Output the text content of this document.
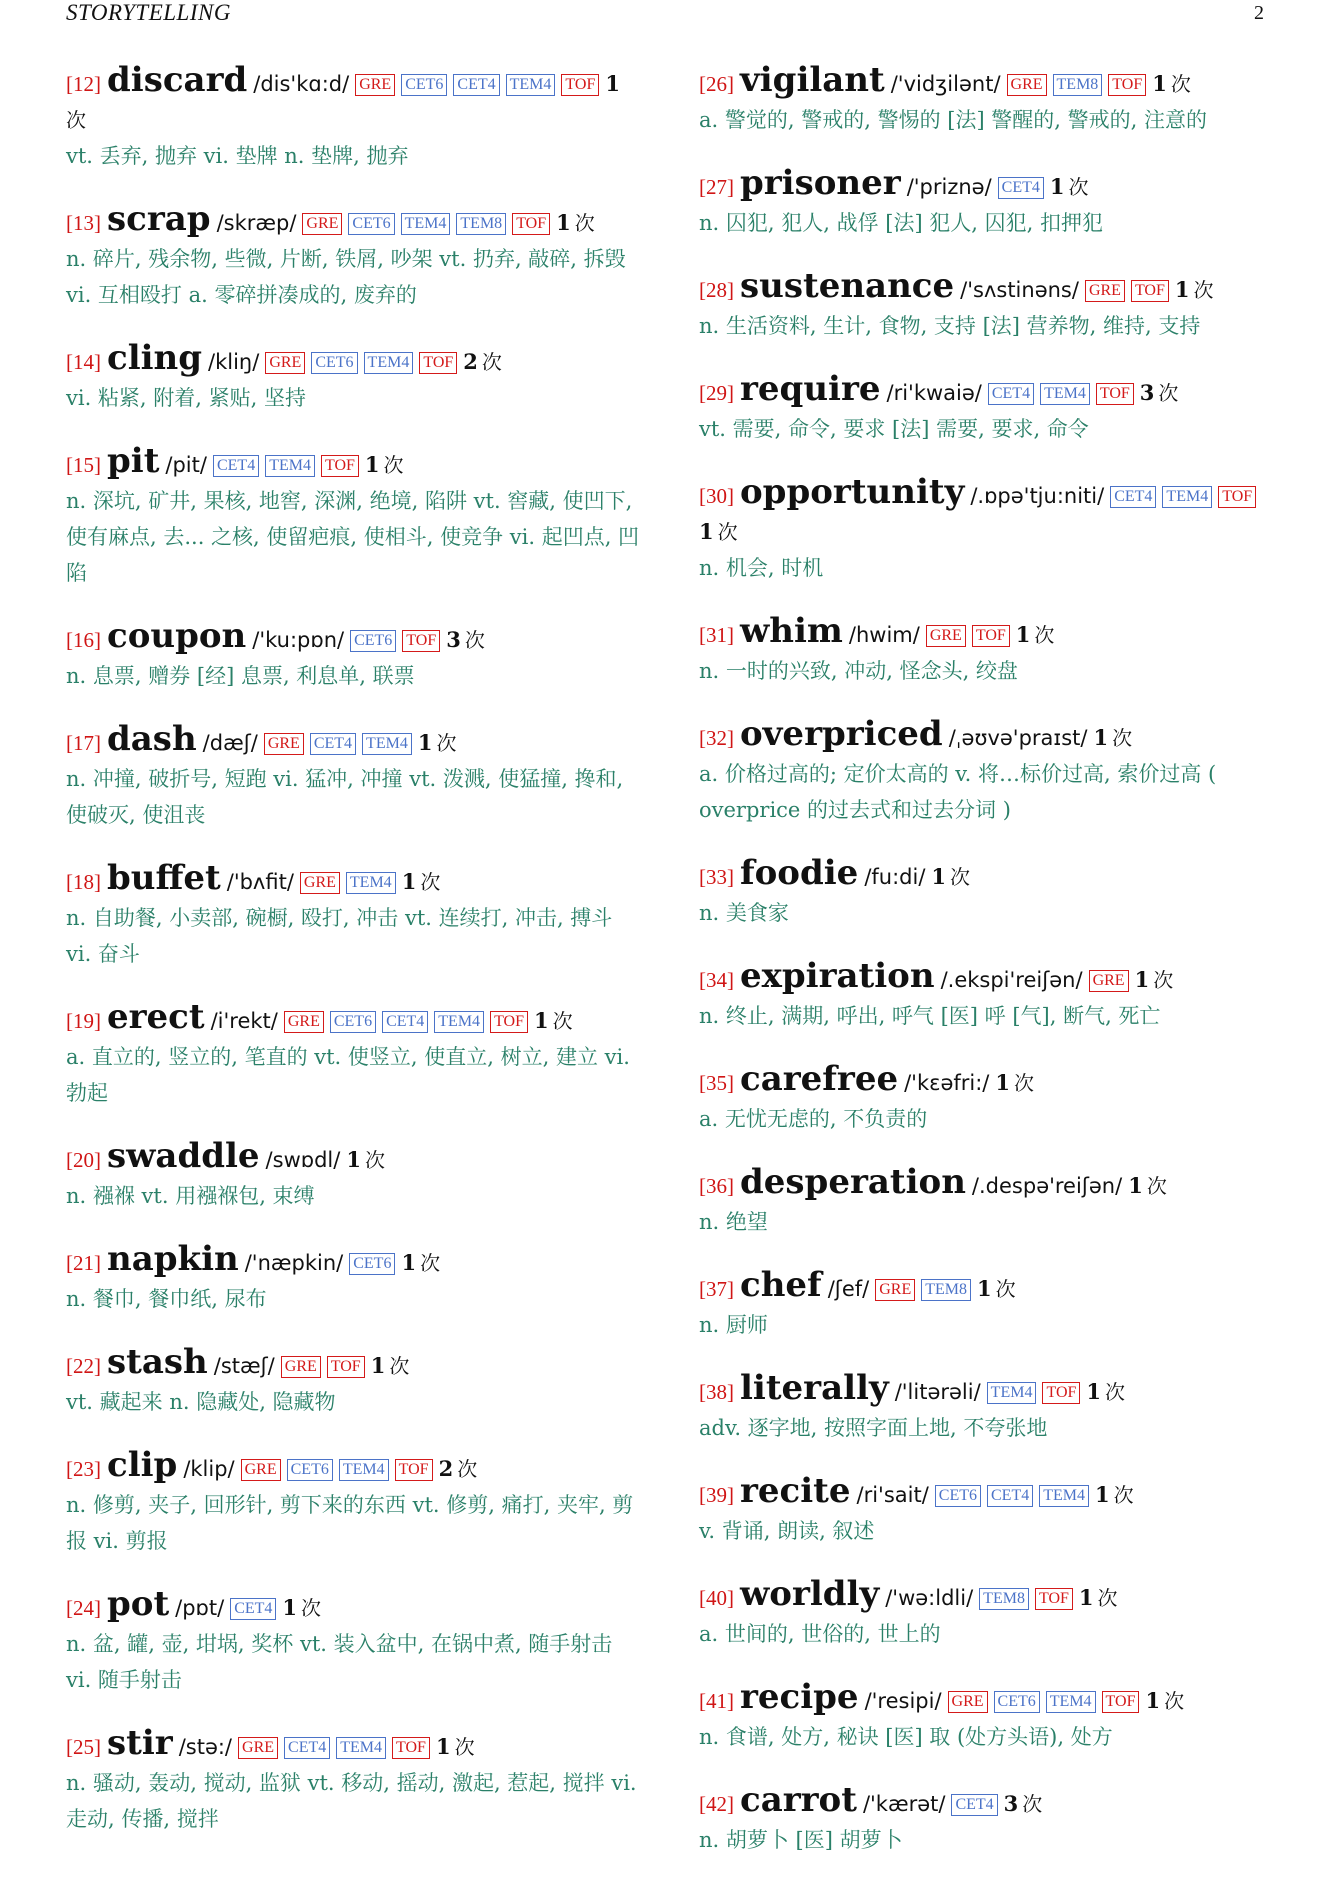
STORYTELLING	2
[12] discard /dis'kɑ:d/ GRE CET6 CET4 TEM4 TOF 1次
vt. 丢弃, 抛弃 vi. 垫牌 n. 垫牌, 抛弃
[13] scrap /skræp/ GRE CET6 TEM4 TEM8 TOF 1 次
n. 碎片, 残余物, 些微, 片断, 铁屑, 吵架 vt. 扔弃, 敲碎, 拆毁 vi. 互相殴打 a. 零碎拼凑成的, 废弃的
[14] cling /kliŋ/ GRE CET6 TEM4 TOF 2 次
vi. 粘紧, 附着, 紧贴, 坚持
[15] pit /pit/ CET4 TEM4 TOF 1 次
n. 深坑, 矿井, 果核, 地窖, 深渊, 绝境, 陷阱 vt. 窖藏, 使凹下, 使有麻点, 去... 之核, 使留疤痕, 使相斗, 使竞争 vi. 起凹点, 凹陷
[16] coupon /'ku:pɒn/ CET6 TOF 3 次
n. 息票, 赠券 [经] 息票, 利息单, 联票
[17] dash /dæʃ/ GRE CET4 TEM4 1 次
n. 冲撞, 破折号, 短跑 vi. 猛冲, 冲撞 vt. 泼溅, 使猛撞, 搀和, 使破灭, 使沮丧
[18] buffet /'bʌfit/ GRE TEM4 1 次
n. 自助餐, 小卖部, 碗橱, 殴打, 冲击 vt. 连续打, 冲击, 搏斗 vi. 奋斗
[19] erect /i'rekt/ GRE CET6 CET4 TEM4 TOF 1 次
a. 直立的, 竖立的, 笔直的 vt. 使竖立, 使直立, 树立, 建立 vi. 勃起
[20] swaddle /swɒdl/ 1 次
n. 襁褓 vt. 用襁褓包, 束缚
[21] napkin /'næpkin/ CET6 1 次
n. 餐巾, 餐巾纸, 尿布
[22] stash /stæʃ/ GRE TOF 1 次
vt. 藏起来 n. 隐藏处, 隐藏物
[23] clip /klip/ GRE CET6 TEM4 TOF 2 次
n. 修剪, 夹子, 回形针, 剪下来的东西 vt. 修剪, 痛打, 夹牢, 剪报 vi. 剪报
[24] pot /pɒt/ CET4 1 次
n. 盆, 罐, 壶, 坩埚, 奖杯 vt. 装入盆中, 在锅中煮, 随手射击 vi. 随手射击
[25] stir /stə:/ GRE CET4 TEM4 TOF 1 次
n. 骚动, 轰动, 搅动, 监狱 vt. 移动, 摇动, 激起, 惹起, 搅拌 vi. 走动, 传播, 搅拌
[26] vigilant /'vidʒilənt/ GRE TEM8 TOF 1 次
a. 警觉的, 警戒的, 警惕的 [法] 警醒的, 警戒的, 注意的
[27] prisoner /'priznə/ CET4 1 次
n. 囚犯, 犯人, 战俘 [法] 犯人, 囚犯, 扣押犯
[28] sustenance /'sʌstinəns/ GRE TOF 1 次
n. 生活资料, 生计, 食物, 支持 [法] 营养物, 维持, 支持
[29] require /ri'kwaiə/ CET4 TEM4 TOF 3 次
vt. 需要, 命令, 要求 [法] 需要, 要求, 命令
[30] opportunity /.ɒpə'tju:niti/ CET4 TEM4 TOF1 次
n. 机会, 时机
[31] whim /hwim/ GRE TOF 1 次
n. 一时的兴致, 冲动, 怪念头, 绞盘
[32] overpriced /ˌəʊvə'praɪst/ 1 次
a. 价格过高的; 定价太高的 v. 将…标价过高, 索价过高 ( overprice 的过去式和过去分词 )
[33] foodie /fu:di/ 1 次
n. 美食家
[34] expiration /.ekspi'reiʃən/ GRE 1 次
n. 终止, 满期, 呼出, 呼气 [医] 呼 [气], 断气, 死亡
[35] carefree /'kɛəfri:/ 1 次
a. 无忧无虑的, 不负责的
[36] desperation /.despə'reiʃən/ 1 次
n. 绝望
[37] chef /ʃef/ GRE TEM8 1 次
n. 厨师
[38] literally /'litərəli/ TEM4 TOF 1 次
adv. 逐字地, 按照字面上地, 不夸张地
[39] recite /ri'sait/ CET6 CET4 TEM4 1 次
v. 背诵, 朗读, 叙述
[40] worldly /'wə:ldli/ TEM8 TOF 1 次
a. 世间的, 世俗的, 世上的
[41] recipe /'resipi/ GRE CET6 TEM4 TOF 1 次
n. 食谱, 处方, 秘诀 [医] 取 (处方头语), 处方
[42] carrot /'kærət/ CET4 3 次
n. 胡萝卜 [医] 胡萝卜
